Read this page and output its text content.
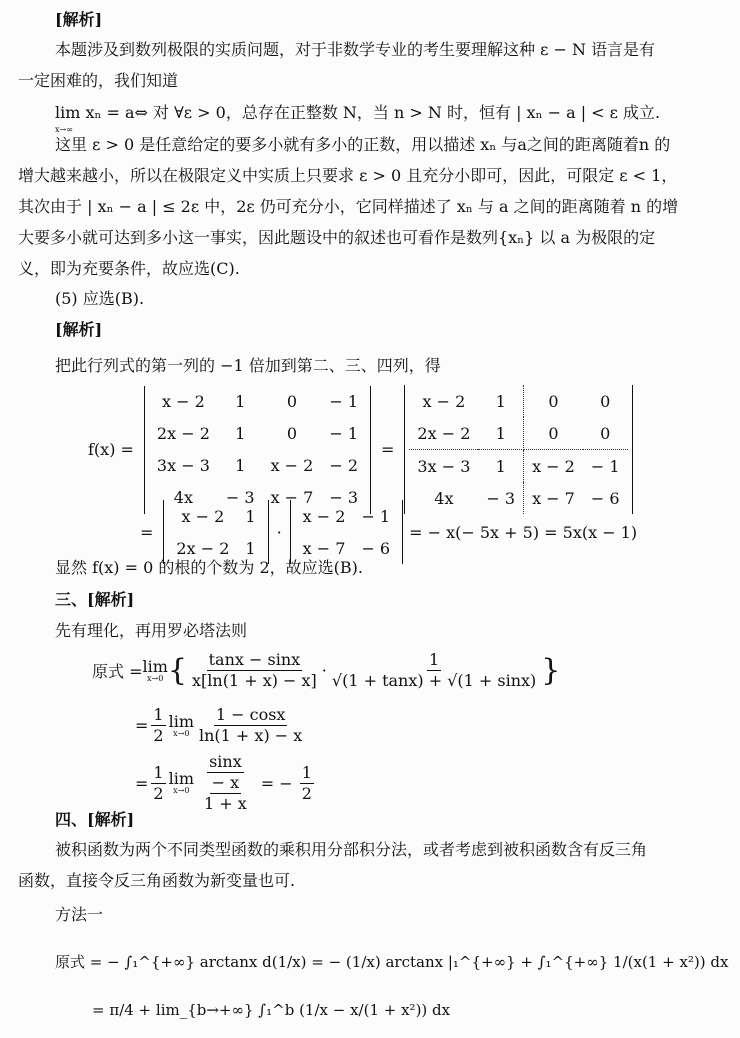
[解析]
本题涉及到数列极限的实质问题，对于非数学专业的考生要理解这种 ε − N 语言是有
一定困难的，我们知道
lim xₙ = a⇔ 对 ∀ε > 0，总存在正整数 N，当 n > N 时，恒有 | xₙ − a | < ε 成立.
x→∞
这里 ε > 0 是任意给定的要多小就有多小的正数，用以描述 xₙ 与a之间的距离随着n 的
增大越来越小，所以在极限定义中实质上只要求 ε > 0 且充分小即可，因此，可限定 ε < 1，
其次由于 | xₙ − a | ≤ 2ε 中，2ε 仍可充分小，它同样描述了 xₙ 与 a 之间的距离随着 n 的增
大要多小就可达到多小这一事实，因此题设中的叙述也可看作是数列{xₙ} 以 a 为极限的定
义，即为充要条件，故应选(C).
(5) 应选(B).
[解析]
把此行列式的第一列的 −1 倍加到第二、三、四列，得
f(x) =
x − 2	1	0	− 1
2x − 2	1	0	− 1
3x − 3	1	x − 2	− 2
4x	− 3	x − 7	− 3
=
x − 2	1	0	0
2x − 2	1	0	0
3x − 3	1	x − 2	− 1
4x	− 3	x − 7	− 6
=
x − 2	1
2x − 2	1
·
x − 2	− 1
x − 7	− 6
= − x(− 5x + 5) = 5x(x − 1)
显然 f(x) = 0 的根的个数为 2，故应选(B).
三、[解析]
先有理化，再用罗必塔法则
原式 = lim
x→0 { $\frac{\tan x - \sin x}{x[\ln(1 + x) - x]} \cdot \frac{1}{√(1 + \tan x) + √(1 + \sin x)}$ }
= $\frac{1}{2}$ lim
$x\to 0 \frac{1 - \cos x}{\ln(1 + x) - x}$
= $\frac{1}{2}$ lim
$x\to 0 \frac{\sin x}{\frac{- x}{1 + x}}$ = − $\frac{1}{2}$
四、[解析]
被积函数为两个不同类型函数的乘积用分部积分法，或者考虑到被积函数含有反三角
函数，直接令反三角函数为新变量也可.
方法一
原式 = − ∫₁^{+∞} arctanx d(1/x) = − (1/x) arctanx |₁^{+∞} + ∫₁^{+∞} 1/(x(1 + x²)) dx
= π/4 + lim_{b→+∞} ∫₁^b (1/x − x/(1 + x²)) dx
